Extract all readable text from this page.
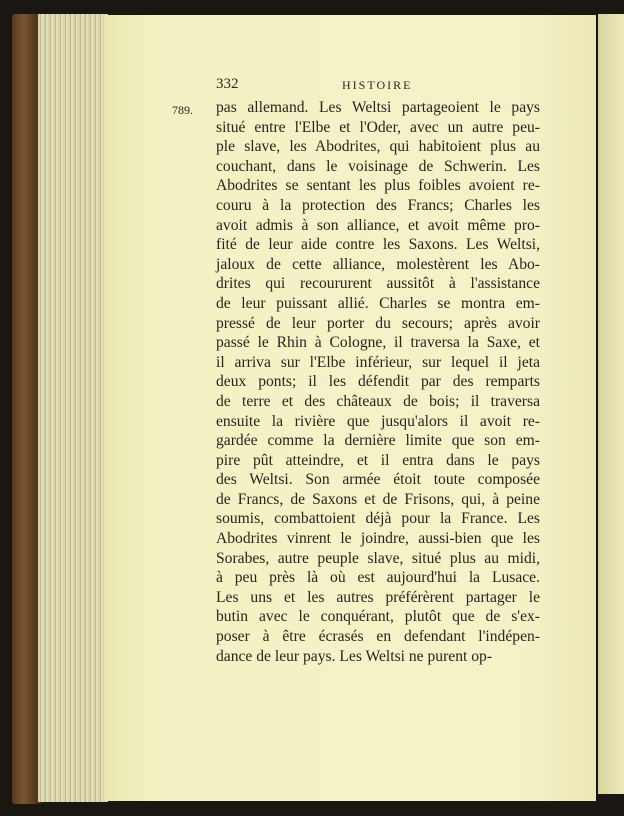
332	HISTOIRE
789. pas allemand. Les Weltsi partageoient le pays
situé entre l'Elbe et l'Oder, avec un autre peu-
ple slave, les Abodrites, qui habitoient plus au
couchant, dans le voisinage de Schwerin. Les
Abodrites se sentant les plus foibles avoient re-
couru à la protection des Francs; Charles les
avoit admis à son alliance, et avoit même pro-
fité de leur aide contre les Saxons. Les Weltsi,
jaloux de cette alliance, molestèrent les Abo-
drites qui recoururent aussitôt à l'assistance
de leur puissant allié. Charles se montra em-
pressé de leur porter du secours; après avoir
passé le Rhin à Cologne, il traversa la Saxe, et
il arriva sur l'Elbe inférieur, sur lequel il jeta
deux ponts; il les défendit par des remparts
de terre et des châteaux de bois; il traversa
ensuite la rivière que jusqu'alors il avoit re-
gardée comme la dernière limite que son em-
pire pût atteindre, et il entra dans le pays
des Weltsi. Son armée étoit toute composée
de Francs, de Saxons et de Frisons, qui, à peine
soumis, combattoient déjà pour la France. Les
Abodrites vinrent le joindre, aussi-bien que les
Sorabes, autre peuple slave, situé plus au midi,
à peu près là où est aujourd'hui la Lusace.
Les uns et les autres préférèrent partager le
butin avec le conquérant, plutôt que de s'ex-
poser à être écrasés en defendant l'indépen-
dance de leur pays. Les Weltsi ne purent op-
